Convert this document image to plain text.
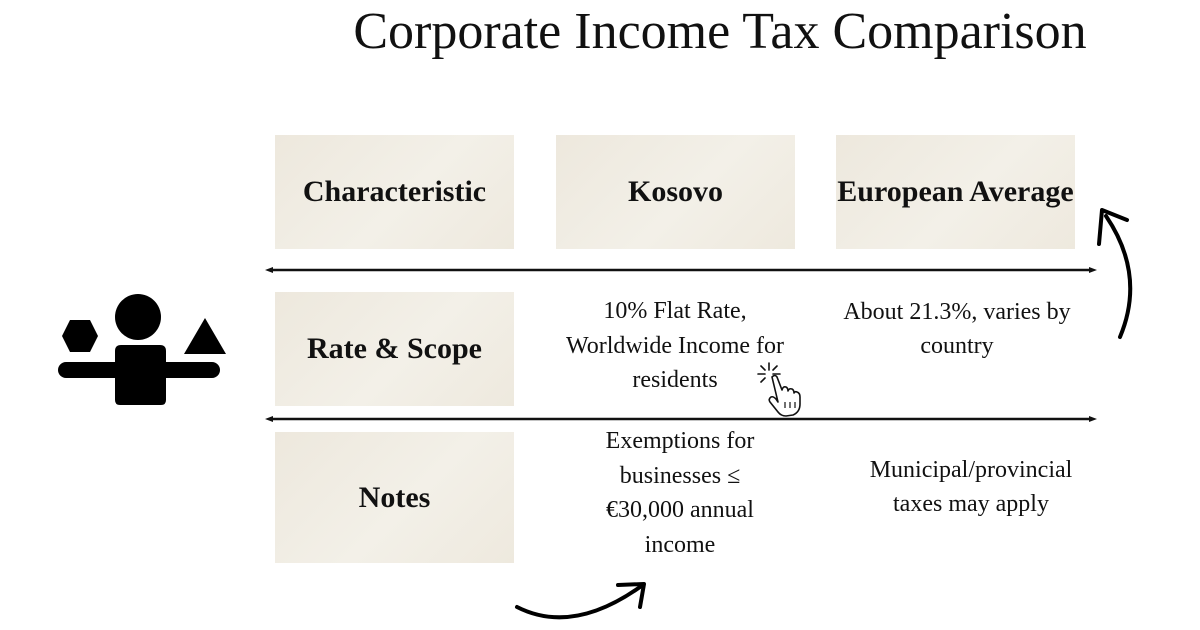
Corporate Income Tax Comparison
Characteristic	Kosovo	European Average
Rate & Scope
10% Flat Rate, Worldwide Income for residents
About 21.3%, varies by country
Notes
Exemptions for businesses ≤ €30,000 annual income
Municipal/provincial taxes may apply
